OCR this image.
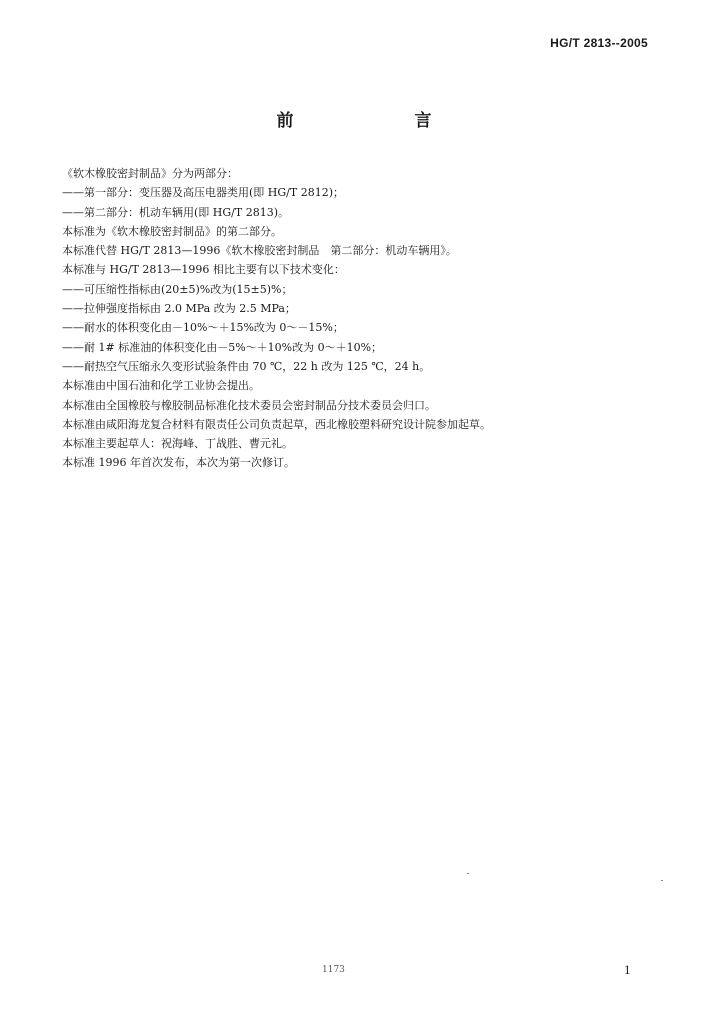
HG/T 2813--2005
前　言

《软木橡胶密封制品》分为两部分：

——第一部分：变压器及高压电器类用(即 HG/T 2812)；

——第二部分：机动车辆用(即 HG/T 2813)。

本标准为《软木橡胶密封制品》的第二部分。

本标准代替 HG/T 2813—1996《软木橡胶密封制品　第二部分：机动车辆用》。

本标准与 HG/T 2813—1996 相比主要有以下技术变化：

——可压缩性指标由(20±5)%改为(15±5)%；

——拉伸强度指标由 2.0 MPa 改为 2.5 MPa；

——耐水的体积变化由－10%～＋15%改为 0～－15%；

——耐 1# 标准油的体积变化由－5%～＋10%改为 0～＋10%；

——耐热空气压缩永久变形试验条件由 70 ℃，22 h 改为 125 ℃，24 h。

本标准由中国石油和化学工业协会提出。

本标准由全国橡胶与橡胶制品标准化技术委员会密封制品分技术委员会归口。

本标准由咸阳海龙复合材料有限责任公司负责起草，西北橡胶塑料研究设计院参加起草。

本标准主要起草人：祝海峰、丁战胜、曹元礼。

本标准 1996 年首次发布，本次为第一次修订。

1173	1
